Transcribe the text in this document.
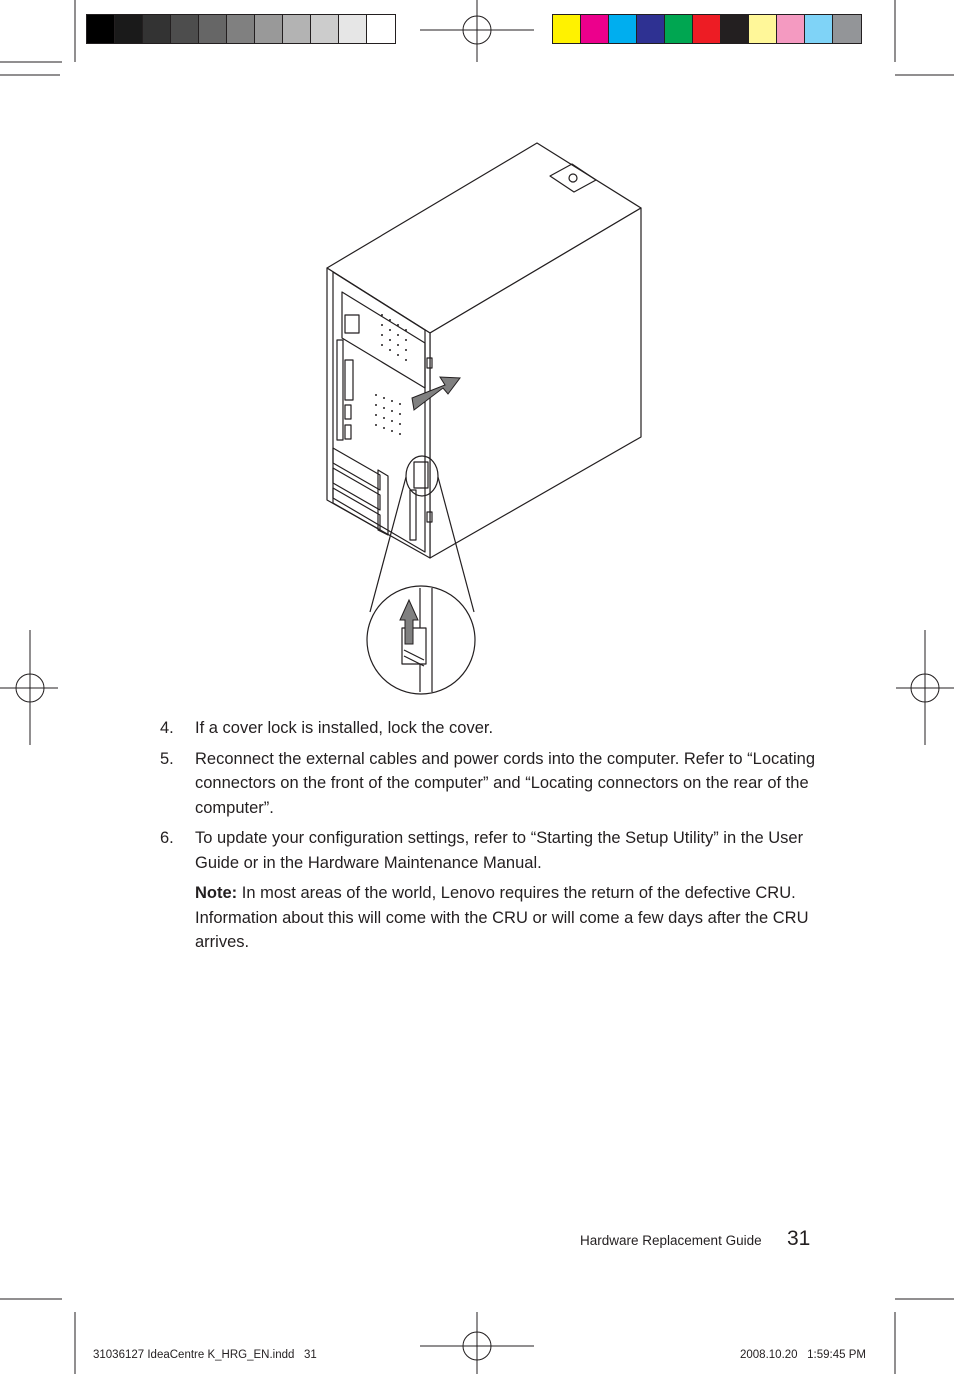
4. If a cover lock is installed, lock the cover.
5. Reconnect the external cables and power cords into the computer. Refer to “Locating connectors on the front of the computer” and “Locating connectors on the rear of the computer”.
6. To update your configuration settings, refer to “Starting the Setup Utility” in the User Guide or in the Hardware Maintenance Manual.
Note: In most areas of the world, Lenovo requires the return of the defective CRU. Information about this will come with the CRU or will come a few days after the CRU arrives.
Hardware Replacement Guide 31
31036127 IdeaCentre K_HRG_EN.indd   31	2008.10.20   1:59:45 PM
